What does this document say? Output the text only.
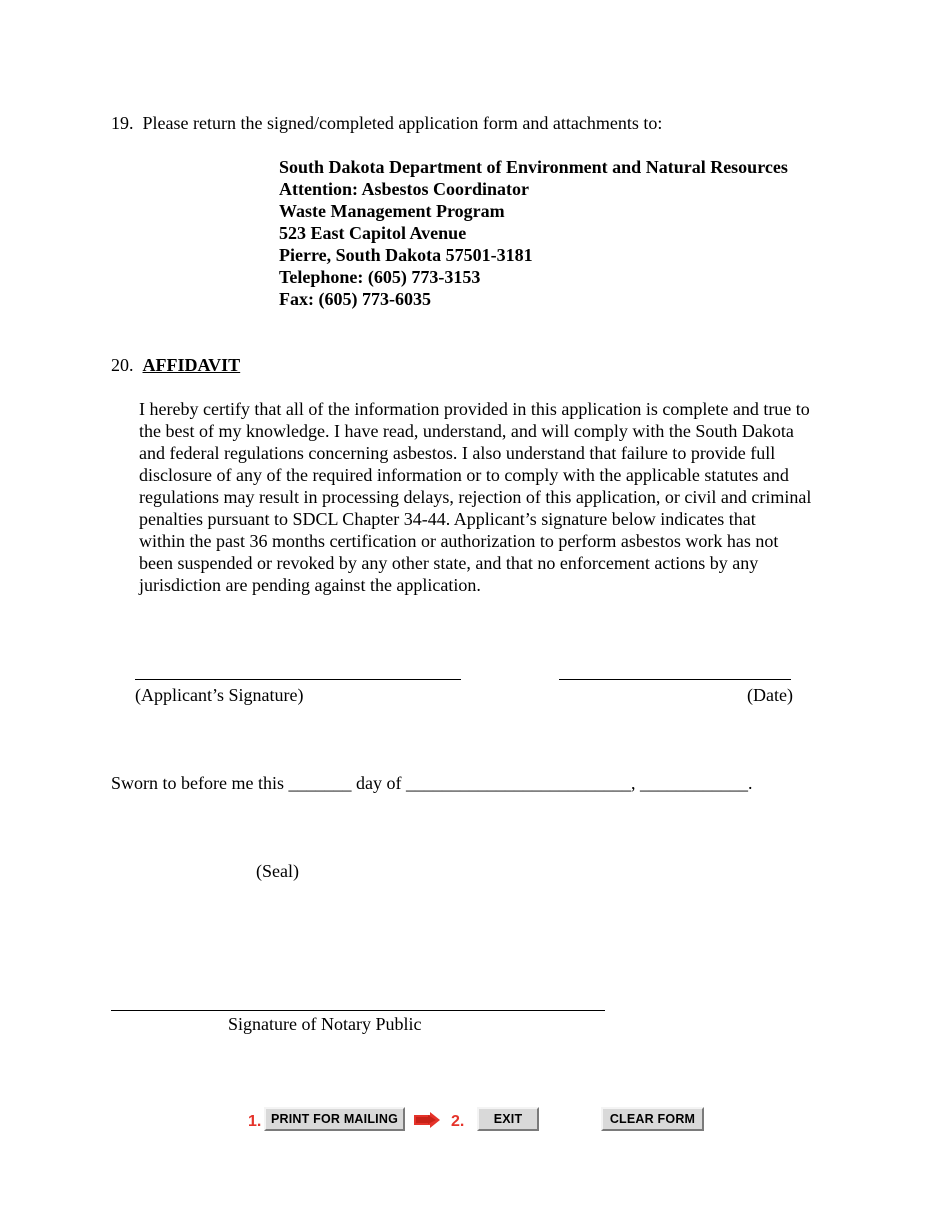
19. Please return the signed/completed application form and attachments to:
South Dakota Department of Environment and Natural Resources
Attention: Asbestos Coordinator
Waste Management Program
523 East Capitol Avenue
Pierre, South Dakota 57501-3181
Telephone: (605) 773-3153
Fax: (605) 773-6035
20. AFFIDAVIT
I hereby certify that all of the information provided in this application is complete and true to
the best of my knowledge. I have read, understand, and will comply with the South Dakota
and federal regulations concerning asbestos. I also understand that failure to provide full
disclosure of any of the required information or to comply with the applicable statutes and
regulations may result in processing delays, rejection of this application, or civil and criminal
penalties pursuant to SDCL Chapter 34-44. Applicant’s signature below indicates that
within the past 36 months certification or authorization to perform asbestos work has not
been suspended or revoked by any other state, and that no enforcement actions by any
jurisdiction are pending against the application.
(Applicant’s Signature)	(Date)
Sworn to before me this _______ day of _________________________, ____________.
(Seal)
Signature of Notary Public
1. PRINT FOR MAILING	2.	EXIT	CLEAR FORM
